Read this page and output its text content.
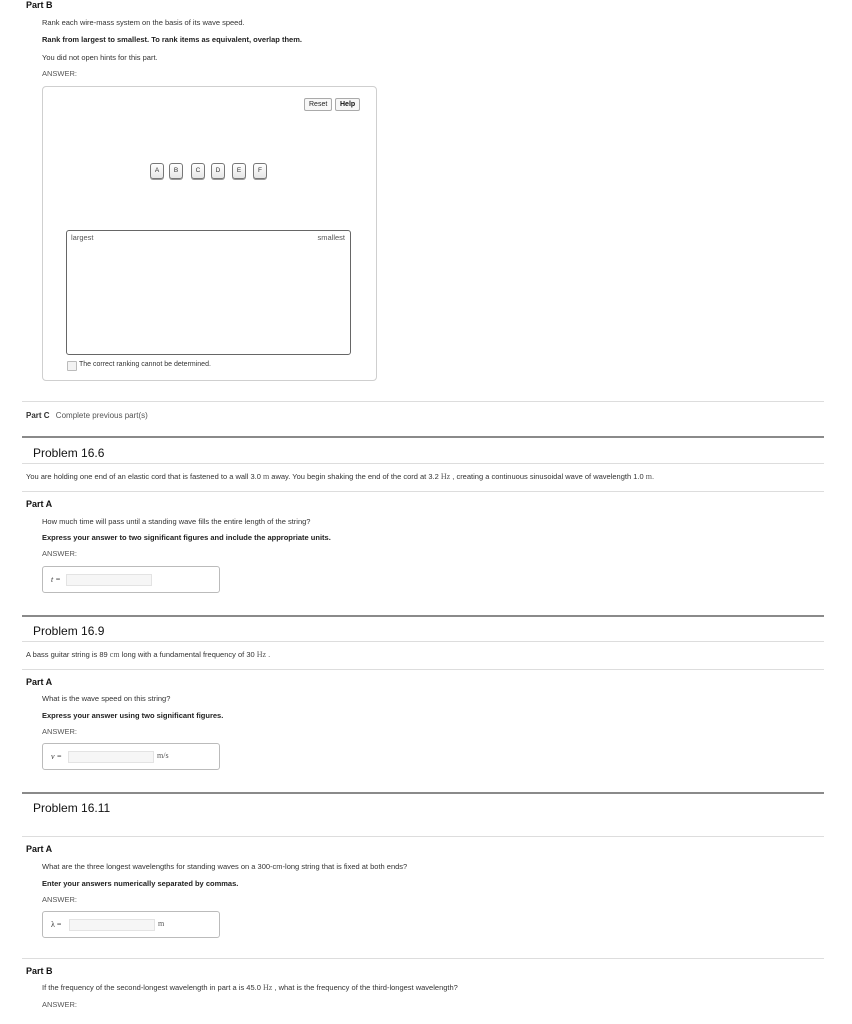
Part B
Rank each wire-mass system on the basis of its wave speed.
Rank from largest to smallest. To rank items as equivalent, overlap them.
You did not open hints for this part.
ANSWER:
Reset	Help
A	B	C	D	E	F
largest	smallest
The correct ranking cannot be determined.
Part C Complete previous part(s)
Problem 16.6
You are holding one end of an elastic cord that is fastened to a wall 3.0 m away. You begin shaking the end of the cord at 3.2 Hz , creating a continuous sinusoidal wave of wavelength 1.0 m.
Part A
How much time will pass until a standing wave fills the entire length of the string?
Express your answer to two significant figures and include the appropriate units.
ANSWER:
t =
Problem 16.9
A bass guitar string is 89 cm long with a fundamental frequency of 30 Hz .
Part A
What is the wave speed on this string?
Express your answer using two significant figures.
ANSWER:
v =	m/s
Problem 16.11
Part A
What are the three longest wavelengths for standing waves on a 300-cm-long string that is fixed at both ends?
Enter your answers numerically separated by commas.
ANSWER:
λ =	m
Part B
If the frequency of the second-longest wavelength in part a is 45.0 Hz , what is the frequency of the third-longest wavelength?
ANSWER:
